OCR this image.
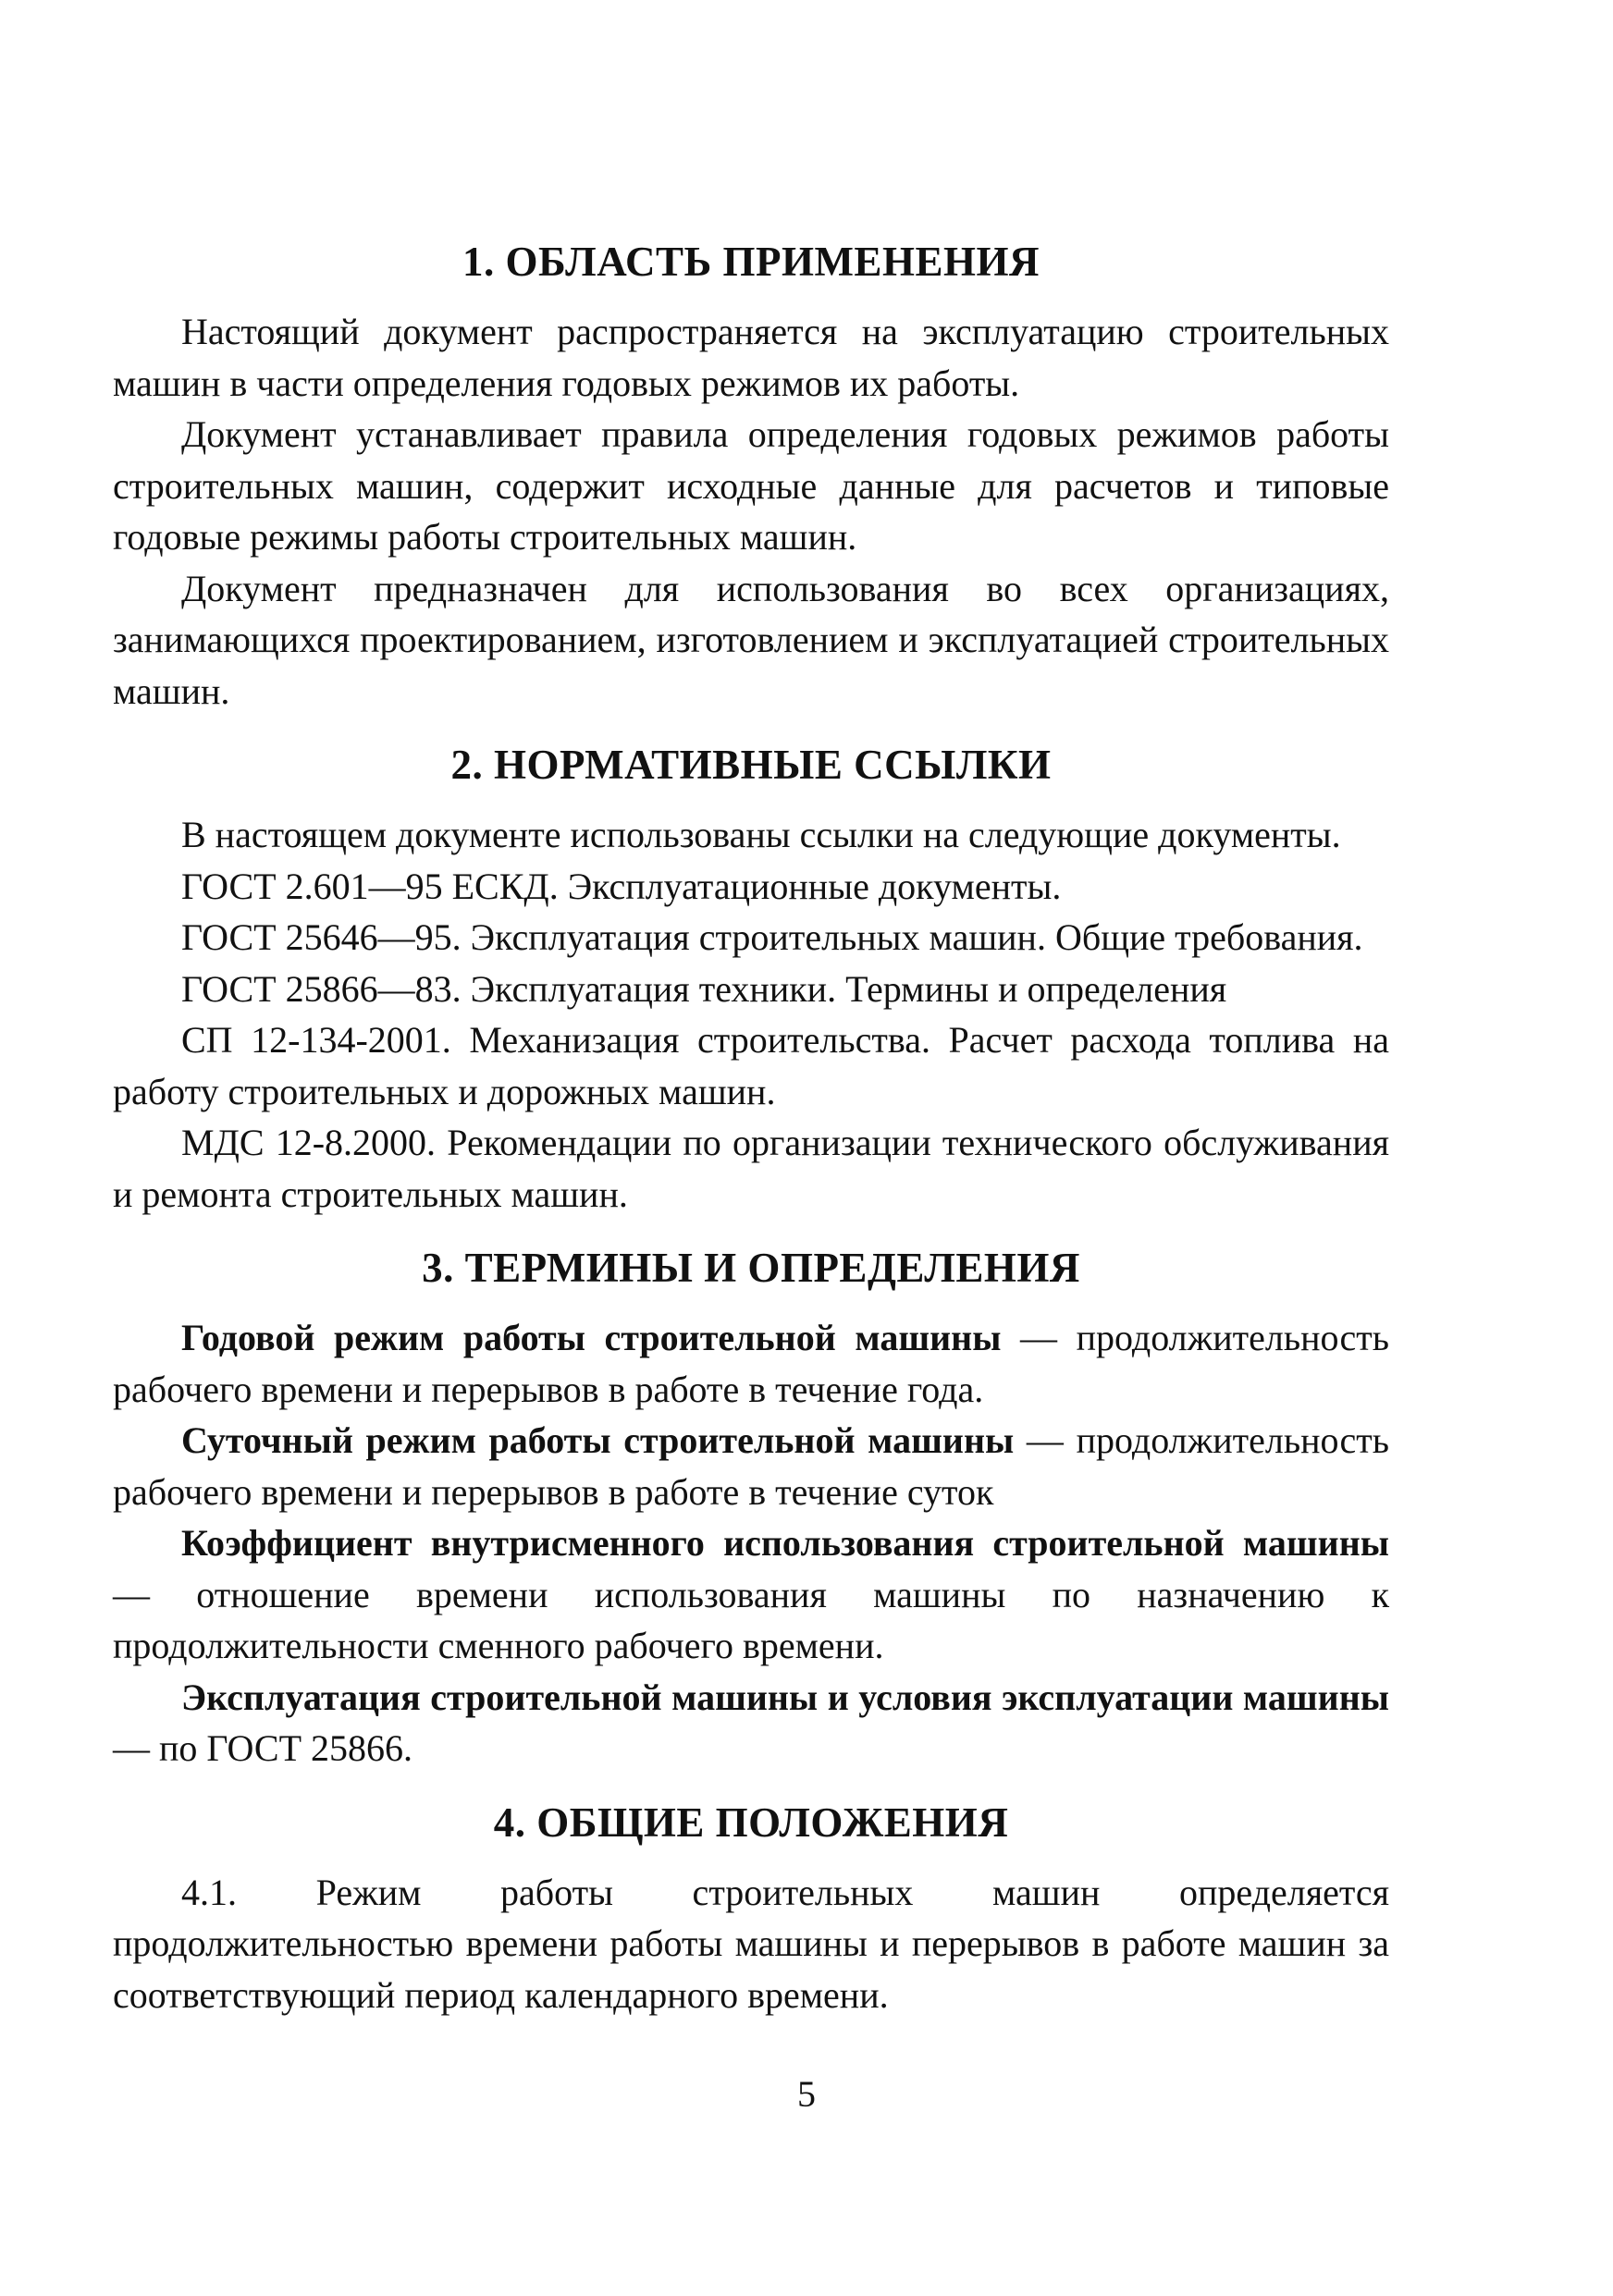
1. ОБЛАСТЬ ПРИМЕНЕНИЯ

Настоящий документ распространяется на эксплуатацию строительных машин в части определения годовых режимов их работы.

Документ устанавливает правила определения годовых режимов работы строительных машин, содержит исходные данные для расчетов и типовые годовые режимы работы строительных машин.

Документ предназначен для использования во всех организациях, занимающихся проектированием, изготовлением и эксплуатацией строительных машин.

2. НОРМАТИВНЫЕ ССЫЛКИ

В настоящем документе использованы ссылки на следующие документы.

ГОСТ 2.601—95 ЕСКД. Эксплуатационные документы.

ГОСТ 25646—95. Эксплуатация строительных машин. Общие требования.

ГОСТ 25866—83. Эксплуатация техники. Термины и определения

СП 12-134-2001. Механизация строительства. Расчет расхода топлива на работу строительных и дорожных машин.

МДС 12-8.2000. Рекомендации по организации технического обслуживания и ремонта строительных машин.

3. ТЕРМИНЫ И ОПРЕДЕЛЕНИЯ

Годовой режим работы строительной машины — продолжительность рабочего времени и перерывов в работе в течение года.

Суточный режим работы строительной машины — продолжительность рабочего времени и перерывов в работе в течение суток

Коэффициент внутрисменного использования строительной машины — отношение времени использования машины по назначению к продолжительности сменного рабочего времени.

Эксплуатация строительной машины и условия эксплуатации машины — по ГОСТ 25866.

4. ОБЩИЕ ПОЛОЖЕНИЯ

4.1. Режим работы строительных машин определяется продолжительностью времени работы машины и перерывов в работе машин за соответствующий период календарного времени.

5
